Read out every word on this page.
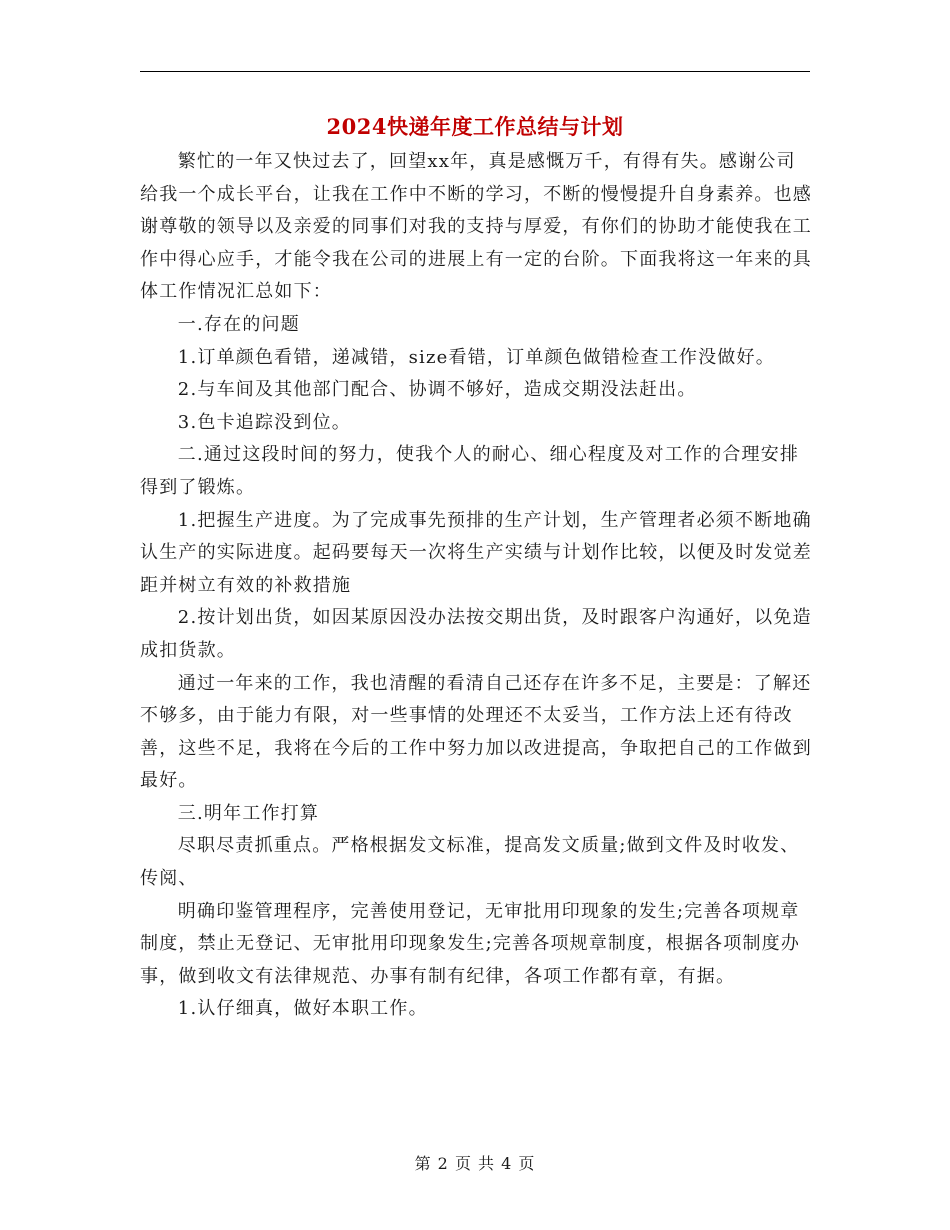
2024快递年度工作总结与计划

繁忙的一年又快过去了，回望xx年，真是感慨万千，有得有失。感谢公司给我一个成长平台，让我在工作中不断的学习，不断的慢慢提升自身素养。也感谢尊敬的领导以及亲爱的同事们对我的支持与厚爱，有你们的协助才能使我在工作中得心应手，才能令我在公司的进展上有一定的台阶。下面我将这一年来的具体工作情况汇总如下：

一.存在的问题

1.订单颜色看错，递减错，size看错，订单颜色做错检查工作没做好。

2.与车间及其他部门配合、协调不够好，造成交期没法赶出。

3.色卡追踪没到位。

二.通过这段时间的努力，使我个人的耐心、细心程度及对工作的合理安排得到了锻炼。

1.把握生产进度。为了完成事先预排的生产计划，生产管理者必须不断地确认生产的实际进度。起码要每天一次将生产实绩与计划作比较，以便及时发觉差距并树立有效的补救措施

2.按计划出货，如因某原因没办法按交期出货，及时跟客户沟通好，以免造成扣货款。

通过一年来的工作，我也清醒的看清自己还存在许多不足，主要是：了解还不够多，由于能力有限，对一些事情的处理还不太妥当，工作方法上还有待改善，这些不足，我将在今后的工作中努力加以改进提高，争取把自己的工作做到最好。

三.明年工作打算

尽职尽责抓重点。严格根据发文标准，提高发文质量;做到文件及时收发、传阅、

明确印鉴管理程序，完善使用登记，无审批用印现象的发生;完善各项规章制度，禁止无登记、无审批用印现象发生;完善各项规章制度，根据各项制度办事，做到收文有法律规范、办事有制有纪律，各项工作都有章，有据。

1.认仔细真，做好本职工作。

第 2 页 共 4 页
